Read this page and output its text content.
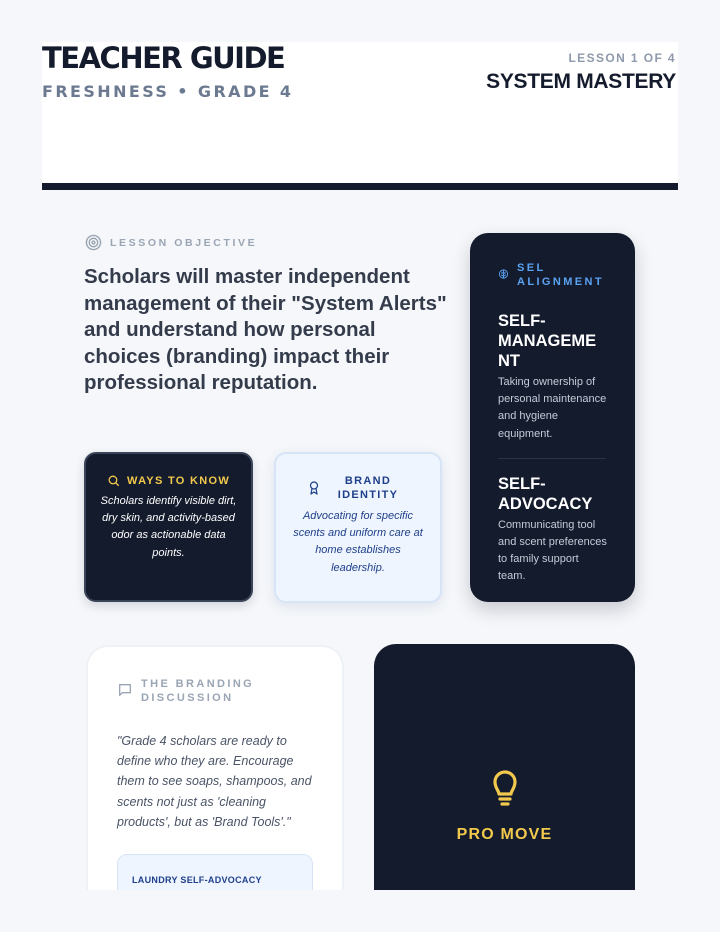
TEACHER GUIDE
FRESHNESS • GRADE 4
LESSON 1 OF 4
SYSTEM MASTERY
LESSON OBJECTIVE
Scholars will master independent management of their "System Alerts" and understand how personal choices (branding) impact their professional reputation.
WAYS TO KNOW
Scholars identify visible dirt, dry skin, and activity-based odor as actionable data points.
BRAND IDENTITY
Advocating for specific scents and uniform care at home establishes leadership.
SEL ALIGNMENT
SELF-MANAGEMENT

Taking ownership of personal maintenance and hygiene equipment.

SELF-ADVOCACY

Communicating tool and scent preferences to family support team.

THE BRANDING DISCUSSION
"Grade 4 scholars are ready to define who they are. Encourage them to see soaps, shampoos, and scents not just as 'cleaning products', but as 'Brand Tools'."
LAUNDRY SELF-ADVOCACY
PRO MOVE
